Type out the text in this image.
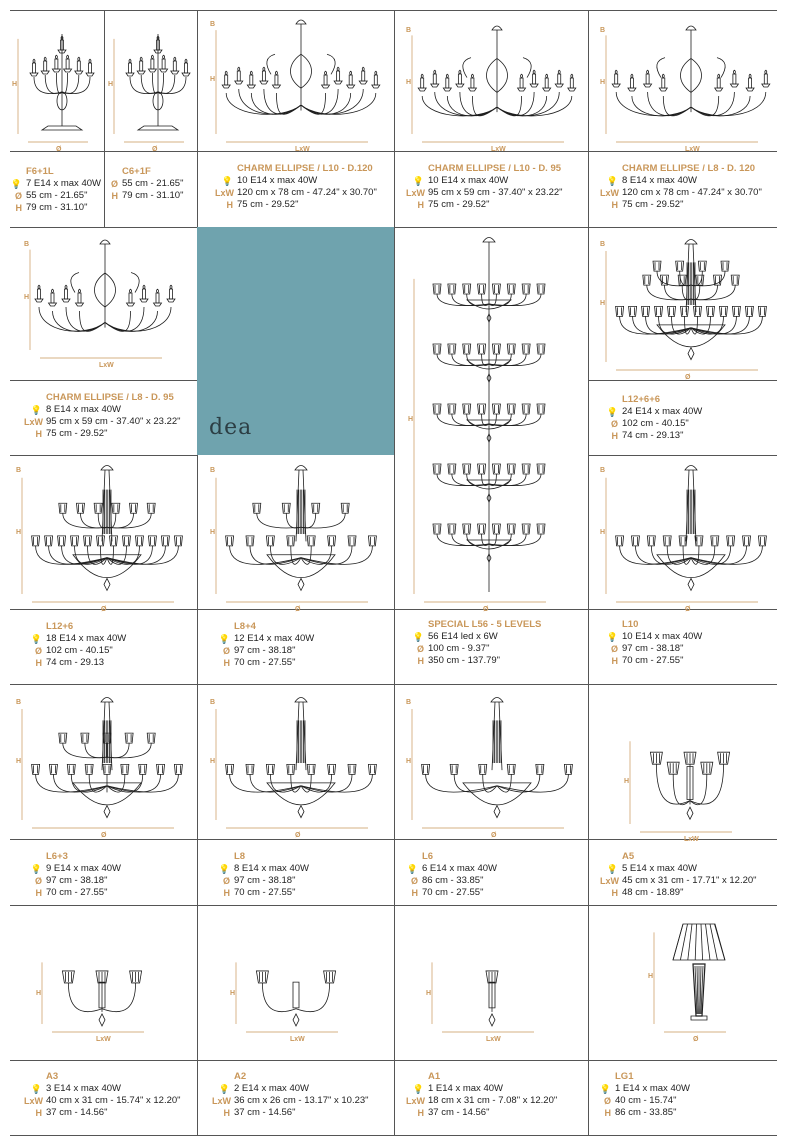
dea
F6+1L
💡 7 E14 x max 40W
Ø 55 cm - 21.65"
H 79 cm - 31.10"
C6+1F
Ø 55 cm - 21.65"
H 79 cm - 31.10"
CHARM ELLIPSE / L10 - D.120
💡 10 E14 x max 40W
LxW 120 cm x 78 cm - 47.24" x 30.70"
H 75 cm - 29.52"
CHARM ELLIPSE / L10 - D. 95
💡 10 E14 x max 40W
LxW 95 cm x 59 cm - 37.40" x 23.22"
H 75 cm - 29.52"
CHARM ELLIPSE / L8 - D. 120
💡 8 E14 x max 40W
LxW 120 cm x 78 cm - 47.24" x 30.70"
H 75 cm - 29.52"
CHARM ELLIPSE / L8 - D. 95
💡 8 E14 x max 40W
LxW 95 cm x 59 cm - 37.40" x 23.22"
H 75 cm - 29.52"
L12+6+6
💡 24 E14 x max 40W
Ø 102 cm - 40.15"
H 74 cm - 29.13"
L12+6
💡 18 E14 x max 40W
Ø 102 cm - 40.15"
H 74 cm - 29.13
L8+4
💡 12 E14 x max 40W
Ø 97 cm - 38.18"
H 70 cm - 27.55"
SPECIAL L56 - 5 LEVELS
💡 56 E14 led x 6W
Ø 100 cm - 9.37"
H 350 cm - 137.79"
L10
💡 10 E14 x max 40W
Ø 97 cm - 38.18"
H 70 cm - 27.55"
L6+3
💡 9 E14 x max 40W
Ø 97 cm - 38.18"
H 70 cm - 27.55"
L8
💡 8 E14 x max 40W
Ø 97 cm - 38.18"
H 70 cm - 27.55"
L6
💡 6 E14 x max 40W
Ø 86 cm - 33.85"
H 70 cm - 27.55"
A5
💡 5 E14 x max 40W
LxW 45 cm x 31 cm - 17.71" x 12.20"
H 48 cm - 18.89"
A3
💡 3 E14 x max 40W
LxW 40 cm x 31 cm - 15.74" x 12.20"
H 37 cm - 14.56"
A2
💡 2 E14 x max 40W
LxW 36 cm x 26 cm - 13.17" x 10.23"
H 37 cm - 14.56"
A1
💡 1 E14 x max 40W
LxW 18 cm x 31 cm - 7.08" x 12.20"
H 37 cm - 14.56"
LG1
💡 1 E14 x max 40W
Ø 40 cm - 15.74"
H 86 cm - 33.85"
H
Ø
H
Ø
H
B
LxW
H
B
LxW
H
B
LxW
H
B
LxW
H
B
Ø
H
Ø
H
B
Ø
H
B
Ø
H
B
Ø
H
B
Ø
H
B
Ø
H
B
Ø
H
LxW
H
LxW
H
LxW
H
LxW
H
Ø
